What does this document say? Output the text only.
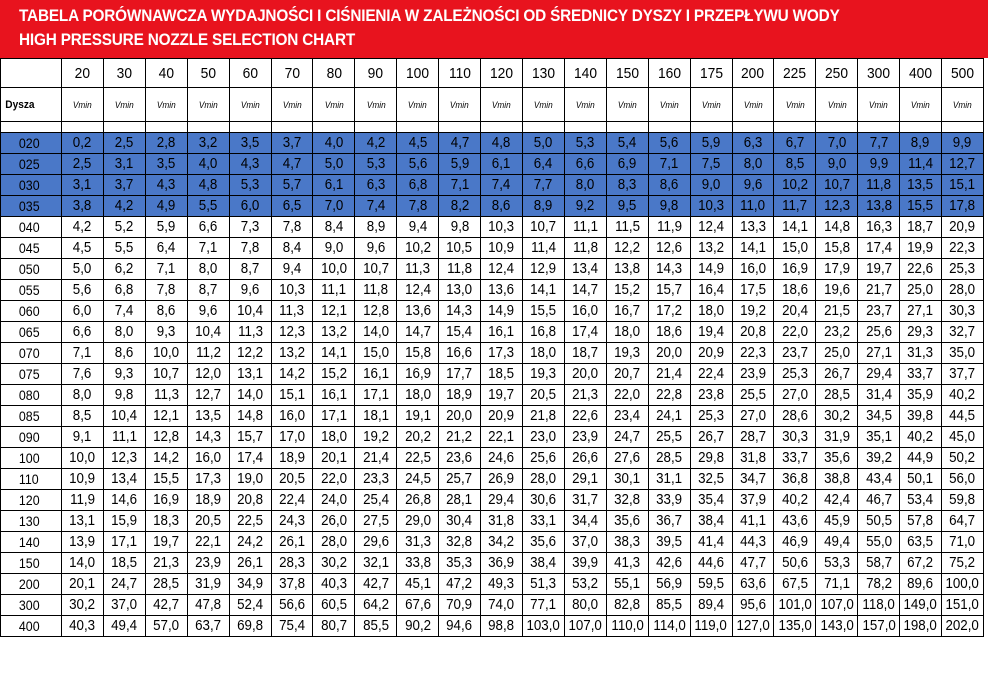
TABELA PORÓWNAWCZA WYDAJNOŚCI I CIŚNIENIA W ZALEŻNOŚCI OD ŚREDNICY DYSZY I PRZEPŁYWU WODY
HIGH PRESSURE NOZZLE SELECTION CHART
	20	30	40	50	60	70	80	90	100	110	120	130	140	150	160	175	200	225	250	300	400	500
Dysza	Vmin	Vmin	Vmin	Vmin	Vmin	Vmin	Vmin	Vmin	Vmin	Vmin	Vmin	Vmin	Vmin	Vmin	Vmin	Vmin	Vmin	Vmin	Vmin	Vmin	Vmin	Vmin

020	0,2	2,5	2,8	3,2	3,5	3,7	4,0	4,2	4,5	4,7	4,8	5,0	5,3	5,4	5,6	5,9	6,3	6,7	7,0	7,7	8,9	9,9
025	2,5	3,1	3,5	4,0	4,3	4,7	5,0	5,3	5,6	5,9	6,1	6,4	6,6	6,9	7,1	7,5	8,0	8,5	9,0	9,9	11,4	12,7
030	3,1	3,7	4,3	4,8	5,3	5,7	6,1	6,3	6,8	7,1	7,4	7,7	8,0	8,3	8,6	9,0	9,6	10,2	10,7	11,8	13,5	15,1
035	3,8	4,2	4,9	5,5	6,0	6,5	7,0	7,4	7,8	8,2	8,6	8,9	9,2	9,5	9,8	10,3	11,0	11,7	12,3	13,8	15,5	17,8
040	4,2	5,2	5,9	6,6	7,3	7,8	8,4	8,9	9,4	9,8	10,3	10,7	11,1	11,5	11,9	12,4	13,3	14,1	14,8	16,3	18,7	20,9
045	4,5	5,5	6,4	7,1	7,8	8,4	9,0	9,6	10,2	10,5	10,9	11,4	11,8	12,2	12,6	13,2	14,1	15,0	15,8	17,4	19,9	22,3
050	5,0	6,2	7,1	8,0	8,7	9,4	10,0	10,7	11,3	11,8	12,4	12,9	13,4	13,8	14,3	14,9	16,0	16,9	17,9	19,7	22,6	25,3
055	5,6	6,8	7,8	8,7	9,6	10,3	11,1	11,8	12,4	13,0	13,6	14,1	14,7	15,2	15,7	16,4	17,5	18,6	19,6	21,7	25,0	28,0
060	6,0	7,4	8,6	9,6	10,4	11,3	12,1	12,8	13,6	14,3	14,9	15,5	16,0	16,7	17,2	18,0	19,2	20,4	21,5	23,7	27,1	30,3
065	6,6	8,0	9,3	10,4	11,3	12,3	13,2	14,0	14,7	15,4	16,1	16,8	17,4	18,0	18,6	19,4	20,8	22,0	23,2	25,6	29,3	32,7
070	7,1	8,6	10,0	11,2	12,2	13,2	14,1	15,0	15,8	16,6	17,3	18,0	18,7	19,3	20,0	20,9	22,3	23,7	25,0	27,1	31,3	35,0
075	7,6	9,3	10,7	12,0	13,1	14,2	15,2	16,1	16,9	17,7	18,5	19,3	20,0	20,7	21,4	22,4	23,9	25,3	26,7	29,4	33,7	37,7
080	8,0	9,8	11,3	12,7	14,0	15,1	16,1	17,1	18,0	18,9	19,7	20,5	21,3	22,0	22,8	23,8	25,5	27,0	28,5	31,4	35,9	40,2
085	8,5	10,4	12,1	13,5	14,8	16,0	17,1	18,1	19,1	20,0	20,9	21,8	22,6	23,4	24,1	25,3	27,0	28,6	30,2	34,5	39,8	44,5
090	9,1	11,1	12,8	14,3	15,7	17,0	18,0	19,2	20,2	21,2	22,1	23,0	23,9	24,7	25,5	26,7	28,7	30,3	31,9	35,1	40,2	45,0
100	10,0	12,3	14,2	16,0	17,4	18,9	20,1	21,4	22,5	23,6	24,6	25,6	26,6	27,6	28,5	29,8	31,8	33,7	35,6	39,2	44,9	50,2
110	10,9	13,4	15,5	17,3	19,0	20,5	22,0	23,3	24,5	25,7	26,9	28,0	29,1	30,1	31,1	32,5	34,7	36,8	38,8	43,4	50,1	56,0
120	11,9	14,6	16,9	18,9	20,8	22,4	24,0	25,4	26,8	28,1	29,4	30,6	31,7	32,8	33,9	35,4	37,9	40,2	42,4	46,7	53,4	59,8
130	13,1	15,9	18,3	20,5	22,5	24,3	26,0	27,5	29,0	30,4	31,8	33,1	34,4	35,6	36,7	38,4	41,1	43,6	45,9	50,5	57,8	64,7
140	13,9	17,1	19,7	22,1	24,2	26,1	28,0	29,6	31,3	32,8	34,2	35,6	37,0	38,3	39,5	41,4	44,3	46,9	49,4	55,0	63,5	71,0
150	14,0	18,5	21,3	23,9	26,1	28,3	30,2	32,1	33,8	35,3	36,9	38,4	39,9	41,3	42,6	44,6	47,7	50,6	53,3	58,7	67,2	75,2
200	20,1	24,7	28,5	31,9	34,9	37,8	40,3	42,7	45,1	47,2	49,3	51,3	53,2	55,1	56,9	59,5	63,6	67,5	71,1	78,2	89,6	100,0
300	30,2	37,0	42,7	47,8	52,4	56,6	60,5	64,2	67,6	70,9	74,0	77,1	80,0	82,8	85,5	89,4	95,6	101,0	107,0	118,0	149,0	151,0
400	40,3	49,4	57,0	63,7	69,8	75,4	80,7	85,5	90,2	94,6	98,8	103,0	107,0	110,0	114,0	119,0	127,0	135,0	143,0	157,0	198,0	202,0
